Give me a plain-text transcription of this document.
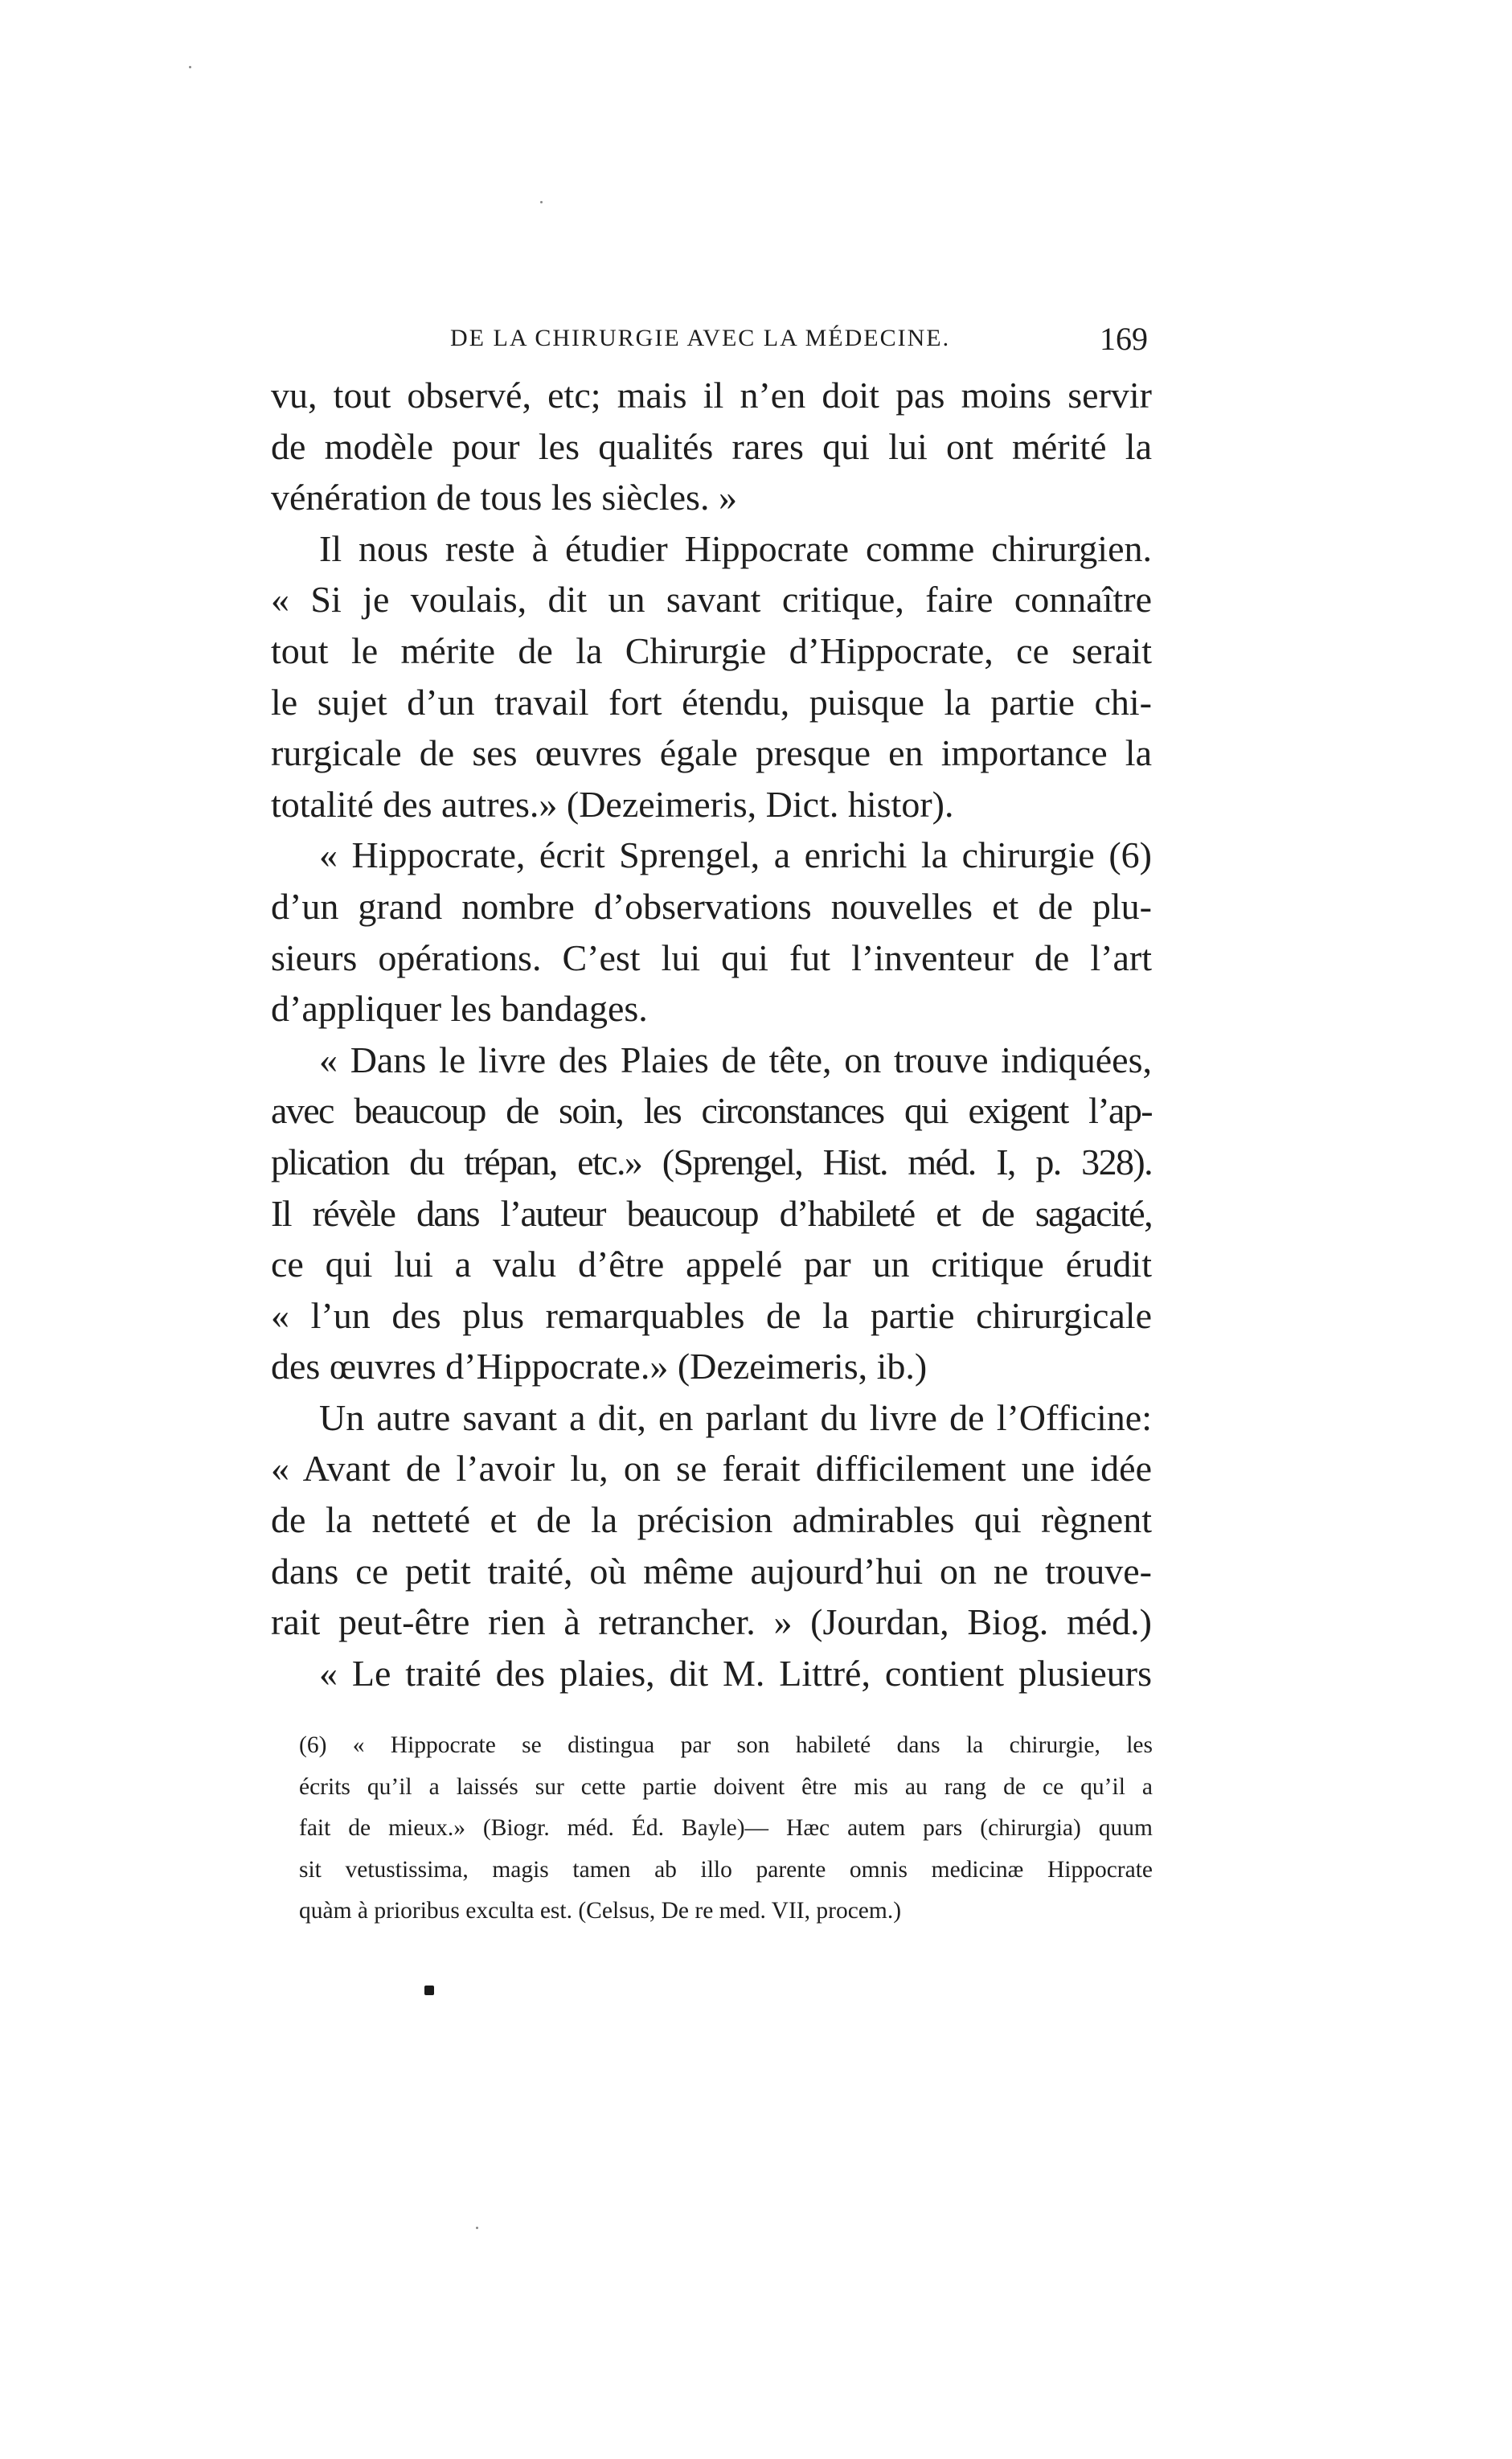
DE LA CHIRURGIE AVEC LA MÉDECINE.	169
vu, tout observé, etc; mais il n’en doit pas moins servir
de modèle pour les qualités rares qui lui ont mérité la
vénération de tous les siècles. »
Il nous reste à étudier Hippocrate comme chirurgien.
« Si je voulais, dit un savant critique, faire connaître
tout le mérite de la Chirurgie d’Hippocrate, ce serait
le sujet d’un travail fort étendu, puisque la partie chi-
rurgicale de ses œuvres égale presque en importance la
totalité des autres.» (Dezeimeris, Dict. histor).
« Hippocrate, écrit Sprengel, a enrichi la chirurgie (6)
d’un grand nombre d’observations nouvelles et de plu-
sieurs opérations. C’est lui qui fut l’inventeur de l’art
d’appliquer les bandages.
« Dans le livre des Plaies de tête, on trouve indiquées,
avec beaucoup de soin, les circonstances qui exigent l’ap-
plication du trépan, etc.» (Sprengel, Hist. méd. I, p. 328).
Il révèle dans l’auteur beaucoup d’habileté et de sagacité,
ce qui lui a valu d’être appelé par un critique érudit
« l’un des plus remarquables de la partie chirurgicale
des œuvres d’Hippocrate.» (Dezeimeris, ib.)
Un autre savant a dit, en parlant du livre de l’Officine:
« Avant de l’avoir lu, on se ferait difficilement une idée
de la netteté et de la précision admirables qui règnent
dans ce petit traité, où même aujourd’hui on ne trouve-
rait peut-être rien à retrancher. » (Jourdan, Biog. méd.)
« Le traité des plaies, dit M. Littré, contient plusieurs
(6) « Hippocrate se distingua par son habileté dans la chirurgie, les
écrits qu’il a laissés sur cette partie doivent être mis au rang de ce qu’il a
fait de mieux.» (Biogr. méd. Éd. Bayle)— Hæc autem pars (chirurgia) quum
sit vetustissima, magis tamen ab illo parente omnis medicinæ Hippocrate
quàm à prioribus exculta est. (Celsus, De re med. VII, procem.)
